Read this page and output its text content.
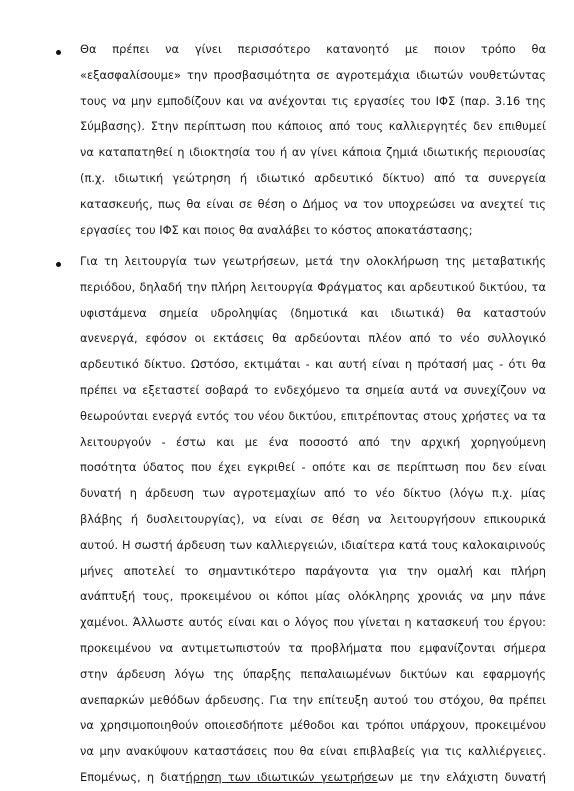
Θα πρέπει να γίνει περισσότερο κατανοητό με ποιον τρόπο θα
«εξασφαλίσουμε» την προσβασιμότητα σε αγροτεμάχια ιδιωτών νουθετώντας
τους να μην εμποδίζουν και να ανέχονται τις εργασίες του ΙΦΣ (παρ. 3.16 της
Σύμβασης). Στην περίπτωση που κάποιος από τους καλλιεργητές δεν επιθυμεί
να καταπατηθεί η ιδιοκτησία του ή αν γίνει κάποια ζημιά ιδιωτικής περιουσίας
(π.χ. ιδιωτική γεώτρηση ή ιδιωτικό αρδευτικό δίκτυο) από τα συνεργεία
κατασκευής, πως θα είναι σε θέση ο Δήμος να τον υποχρεώσει να ανεχτεί τις
εργασίες του ΙΦΣ και ποιος θα αναλάβει το κόστος αποκατάστασης;
Για τη λειτουργία των γεωτρήσεων, μετά την ολοκλήρωση της μεταβατικής
περιόδου, δηλαδή την πλήρη λειτουργία Φράγματος και αρδευτικού δικτύου, τα
υφιστάμενα σημεία υδροληψίας (δημοτικά και ιδιωτικά) θα καταστούν
ανενεργά, εφόσον οι εκτάσεις θα αρδεύονται πλέον από το νέο συλλογικό
αρδευτικό δίκτυο. Ωστόσο, εκτιμάται - και αυτή είναι η πρότασή μας - ότι θα
πρέπει να εξεταστεί σοβαρά το ενδεχόμενο τα σημεία αυτά να συνεχίζουν να
θεωρούνται ενεργά εντός του νέου δικτύου, επιτρέποντας στους χρήστες να τα
λειτουργούν - έστω και με ένα ποσοστό από την αρχική χορηγούμενη
ποσότητα ύδατος που έχει εγκριθεί - οπότε και σε περίπτωση που δεν είναι
δυνατή η άρδευση των αγροτεμαχίων από το νέο δίκτυο (λόγω π.χ. μίας
βλάβης ή δυσλειτουργίας), να είναι σε θέση να λειτουργήσουν επικουρικά
αυτού. Η σωστή άρδευση των καλλιεργειών, ιδιαίτερα κατά τους καλοκαιρινούς
μήνες αποτελεί το σημαντικότερο παράγοντα για την ομαλή και πλήρη
ανάπτυξή τους, προκειμένου οι κόποι μίας ολόκληρης χρονιάς να μην πάνε
χαμένοι. Άλλωστε αυτός είναι και ο λόγος που γίνεται η κατασκευή του έργου:
προκειμένου να αντιμετωπιστούν τα προβλήματα που εμφανίζονται σήμερα
στην άρδευση λόγω της ύπαρξης πεπαλαιωμένων δικτύων και εφαρμογής
ανεπαρκών μεθόδων άρδευσης. Για την επίτευξη αυτού του στόχου, θα πρέπει
να χρησιμοποιηθούν οποιεσδήποτε μέθοδοι και τρόποι υπάρχουν, προκειμένου
να μην ανακύψουν καταστάσεις που θα είναι επιβλαβείς για τις καλλιέργειες.
Επομένως, η διατήρηση των ιδιωτικών γεωτρήσεων με την ελάχιστη δυνατή
